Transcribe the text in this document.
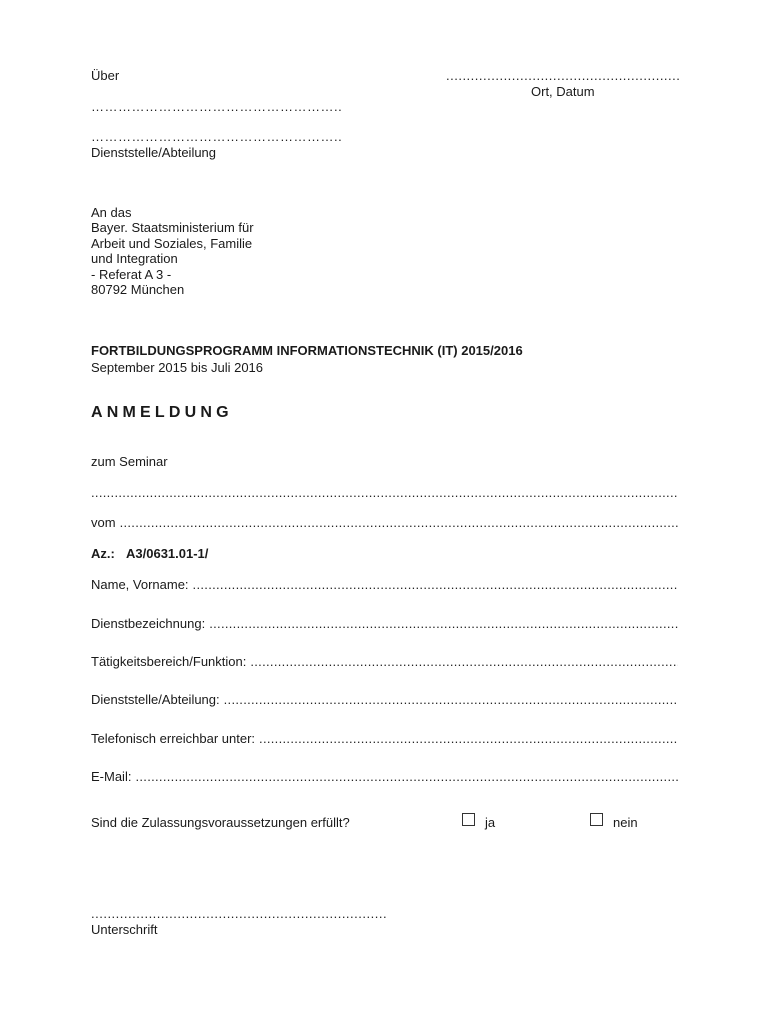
Über	.........................................................
Ort, Datum
………………………………………………..
………………………………………………..
Dienststelle/Abteilung
An das
Bayer. Staatsministerium für
Arbeit und Soziales, Familie
und Integration
- Referat A 3 -
80792 München
FORTBILDUNGSPROGRAMM INFORMATIONSTECHNIK (IT) 2015/2016
September 2015 bis Juli 2016
ANMELDUNG
zum Seminar
.....
vom
.....
Az.: A3/0631.01-1/
Name, Vorname:
.....
Dienstbezeichnung:
.....
Tätigkeitsbereich/Funktion:
.....
Dienststelle/Abteilung:
.....
Telefonisch erreichbar unter:
.....
E-Mail:
.....
Sind die Zulassungsvoraussetzungen erfüllt?	ja	nein
........................................................................
Unterschrift
